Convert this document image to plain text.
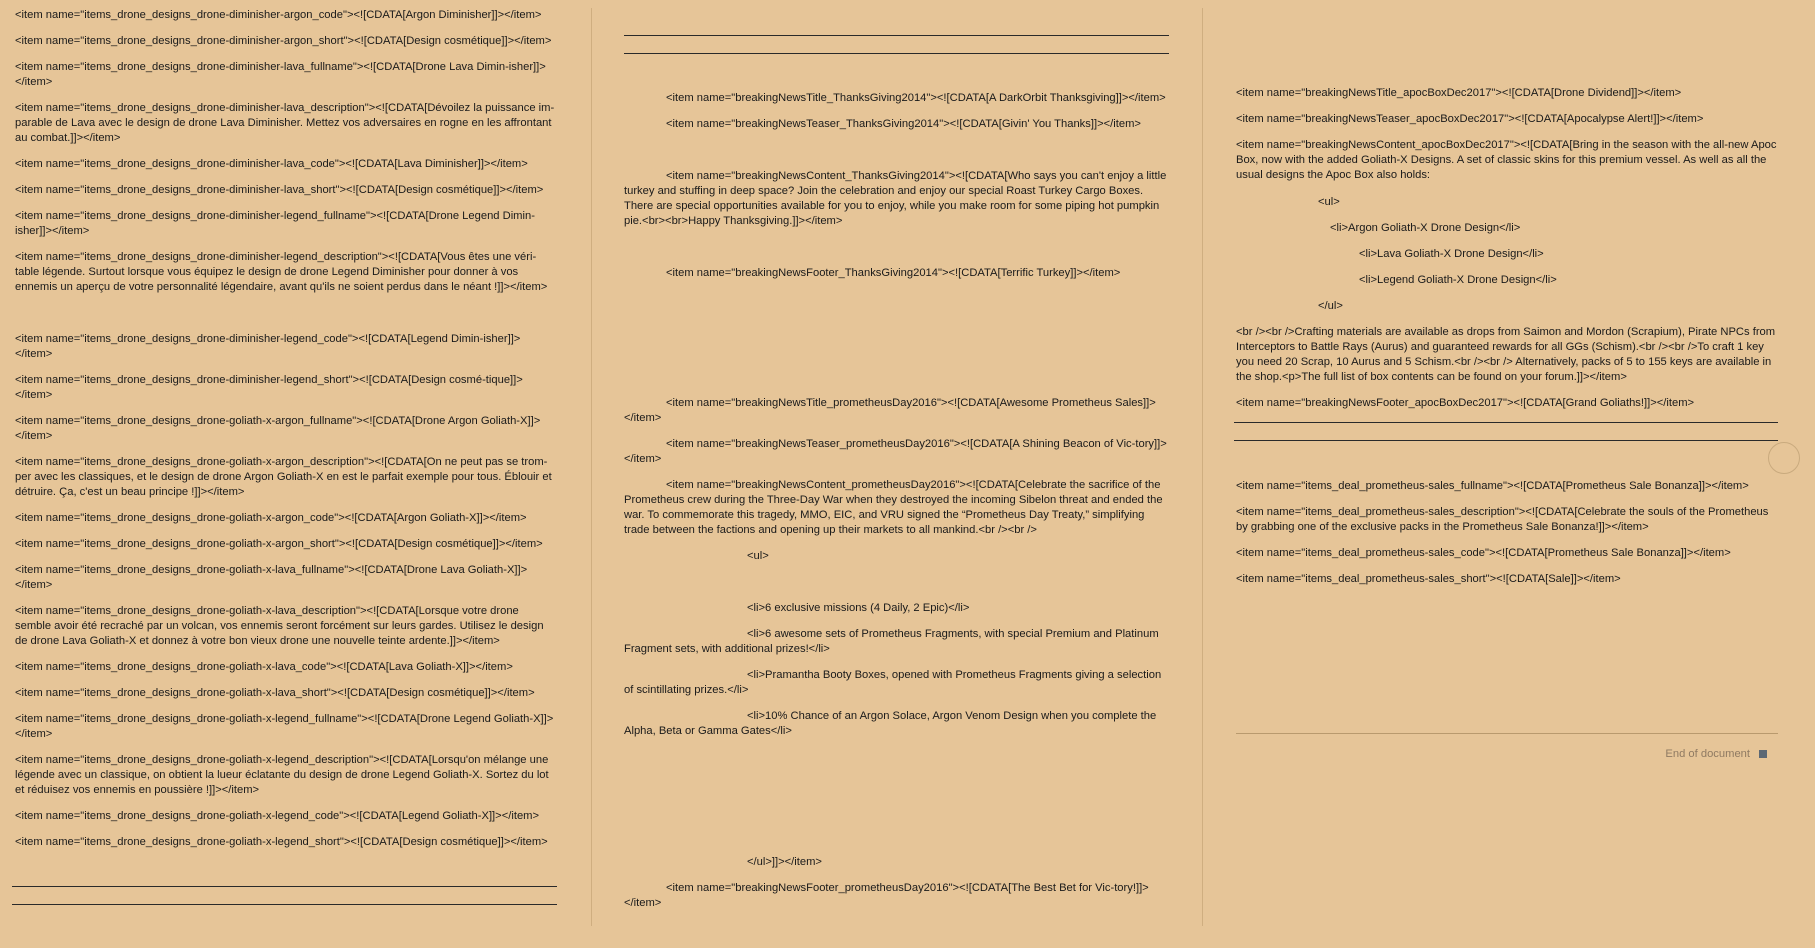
<item name="items_drone_designs_drone-diminisher-argon_code"><![CDATA[Argon Diminisher]]></item>

<item name="items_drone_designs_drone-diminisher-argon_short"><![CDATA[Design cosmétique]]></item>

<item name="items_drone_designs_drone-diminisher-lava_fullname"><![CDATA[Drone Lava Dimin-isher]]></item>

<item name="items_drone_designs_drone-diminisher-lava_description"><![CDATA[Dévoilez la puissance im-parable de Lava avec le design de drone Lava Diminisher. Mettez vos adversaires en rogne en les affrontant au combat.]]></item>

<item name="items_drone_designs_drone-diminisher-lava_code"><![CDATA[Lava Diminisher]]></item>

<item name="items_drone_designs_drone-diminisher-lava_short"><![CDATA[Design cosmétique]]></item>

<item name="items_drone_designs_drone-diminisher-legend_fullname"><![CDATA[Drone Legend Dimin-isher]]></item>

<item name="items_drone_designs_drone-diminisher-legend_description"><![CDATA[Vous êtes une véri-table légende. Surtout lorsque vous équipez le design de drone Legend Diminisher pour donner à vos ennemis un aperçu de votre personnalité légendaire, avant qu'ils ne soient perdus dans le néant !]]></item>

<item name="items_drone_designs_drone-diminisher-legend_code"><![CDATA[Legend Dimin-isher]]></item>

<item name="items_drone_designs_drone-diminisher-legend_short"><![CDATA[Design cosmé-tique]]></item>

<item name="items_drone_designs_drone-goliath-x-argon_fullname"><![CDATA[Drone Argon Goliath-X]]></item>

<item name="items_drone_designs_drone-goliath-x-argon_description"><![CDATA[On ne peut pas se trom-per avec les classiques, et le design de drone Argon Goliath-X en est le parfait exemple pour tous. Éblouir et détruire. Ça, c'est un beau principe !]]></item>

<item name="items_drone_designs_drone-goliath-x-argon_code"><![CDATA[Argon Goliath-X]]></item>

<item name="items_drone_designs_drone-goliath-x-argon_short"><![CDATA[Design cosmétique]]></item>

<item name="items_drone_designs_drone-goliath-x-lava_fullname"><![CDATA[Drone Lava Goliath-X]]></item>

<item name="items_drone_designs_drone-goliath-x-lava_description"><![CDATA[Lorsque votre drone semble avoir été recraché par un volcan, vos ennemis seront forcément sur leurs gardes. Utilisez le design de drone Lava Goliath-X et donnez à votre bon vieux drone une nouvelle teinte ardente.]]></item>

<item name="items_drone_designs_drone-goliath-x-lava_code"><![CDATA[Lava Goliath-X]]></item>

<item name="items_drone_designs_drone-goliath-x-lava_short"><![CDATA[Design cosmétique]]></item>

<item name="items_drone_designs_drone-goliath-x-legend_fullname"><![CDATA[Drone Legend Goliath-X]]></item>

<item name="items_drone_designs_drone-goliath-x-legend_description"><![CDATA[Lorsqu'on mélange une légende avec un classique, on obtient la lueur éclatante du design de drone Legend Goliath-X. Sortez du lot et réduisez vos ennemis en poussière !]]></item>

<item name="items_drone_designs_drone-goliath-x-legend_code"><![CDATA[Legend Goliath-X]]></item>

<item name="items_drone_designs_drone-goliath-x-legend_short"><![CDATA[Design cosmétique]]></item>

<item name="breakingNewsTitle_ThanksGiving2014"><![CDATA[A DarkOrbit Thanksgiving]]></item>

<item name="breakingNewsTeaser_ThanksGiving2014"><![CDATA[Givin' You Thanks]]></item>

<item name="breakingNewsContent_ThanksGiving2014"><![CDATA[Who says you can't enjoy a little turkey and stuffing in deep space? Join the celebration and enjoy our special Roast Turkey Cargo Boxes. There are special opportunities available for you to enjoy, while you make room for some piping hot pumpkin pie.<br><br>Happy Thanksgiving.]]></item>

<item name="breakingNewsFooter_ThanksGiving2014"><![CDATA[Terrific Turkey]]></item>

<item name="breakingNewsTitle_prometheusDay2016"><![CDATA[Awesome Prometheus Sales]]></item>

<item name="breakingNewsTeaser_prometheusDay2016"><![CDATA[A Shining Beacon of Vic-tory]]></item>

<item name="breakingNewsContent_prometheusDay2016"><![CDATA[Celebrate the sacrifice of the Prometheus crew during the Three-Day War when they destroyed the incoming Sibelon threat and ended the war. To commemorate this tragedy, MMO, EIC, and VRU signed the “Prometheus Day Treaty,” simplifying trade between the factions and opening up their markets to all mankind.<br /><br />

<ul>

<li>6 exclusive missions (4 Daily, 2 Epic)</li>

<li>6 awesome sets of Prometheus Fragments, with special Premium and Platinum Fragment sets, with additional prizes!</li>

<li>Pramantha Booty Boxes, opened with Prometheus Fragments giving a selection of scintillating prizes.</li>

<li>10% Chance of an Argon Solace, Argon Venom Design when you complete the Alpha, Beta or Gamma Gates</li>

</ul>]]></item>

<item name="breakingNewsFooter_prometheusDay2016"><![CDATA[The Best Bet for Vic-tory!]]></item>

<item name="breakingNewsTitle_apocBoxDec2017"><![CDATA[Drone Dividend]]></item>

<item name="breakingNewsTeaser_apocBoxDec2017"><![CDATA[Apocalypse Alert!]]></item>

<item name="breakingNewsContent_apocBoxDec2017"><![CDATA[Bring in the season with the all-new Apoc Box, now with the added Goliath-X Designs. A set of classic skins for this premium vessel. As well as all the usual designs the Apoc Box also holds:

<ul>

<li>Argon Goliath-X Drone Design</li>

<li>Lava Goliath-X Drone Design</li>

<li>Legend Goliath-X Drone Design</li>

</ul>

<br /><br />Crafting materials are available as drops from Saimon and Mordon (Scrapium), Pirate NPCs from Interceptors to Battle Rays (Aurus) and guaranteed rewards for all GGs (Schism).<br /><br />To craft 1 key you need 20 Scrap, 10 Aurus and 5 Schism.<br /><br /> Alternatively, packs of 5 to 155 keys are available in the shop.<p>The full list of box contents can be found on your forum.]]></item>

<item name="breakingNewsFooter_apocBoxDec2017"><![CDATA[Grand Goliaths!]]></item>

<item name="items_deal_prometheus-sales_fullname"><![CDATA[Prometheus Sale Bonanza]]></item>

<item name="items_deal_prometheus-sales_description"><![CDATA[Celebrate the souls of the Prometheus by grabbing one of the exclusive packs in the Prometheus Sale Bonanza!]]></item>

<item name="items_deal_prometheus-sales_code"><![CDATA[Prometheus Sale Bonanza]]></item>

<item name="items_deal_prometheus-sales_short"><![CDATA[Sale]]></item>

End of document
